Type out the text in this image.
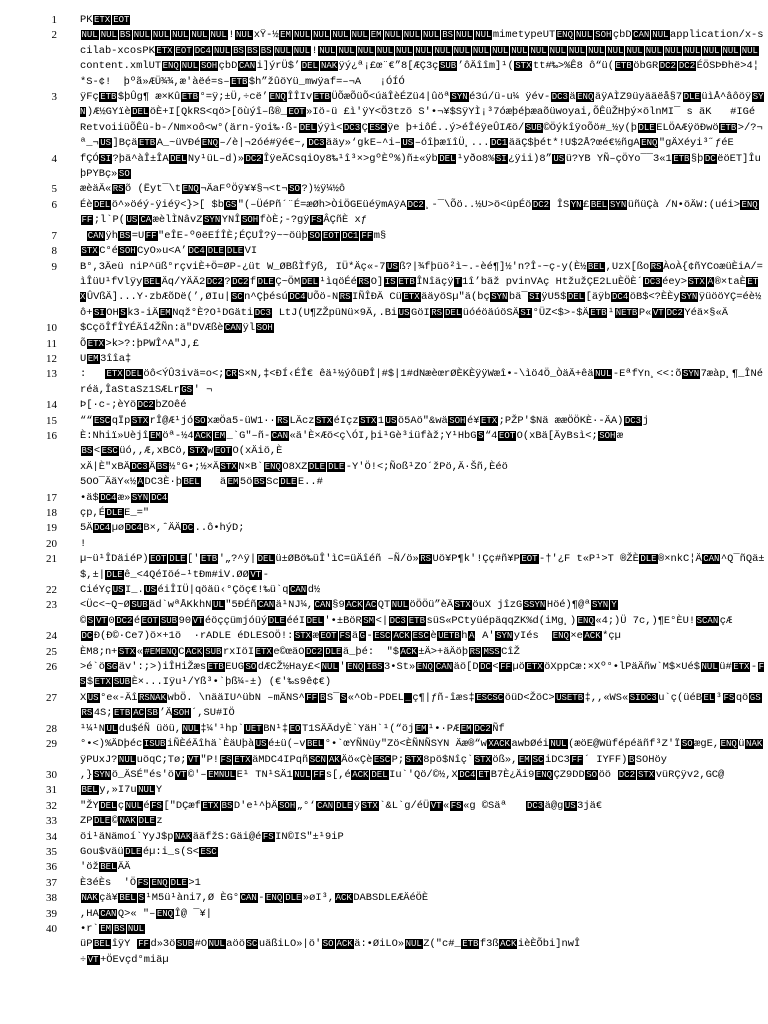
1	PK ETX EOT
2	NUL NUL BS NUL NUL NUL NUL NUL ! NUL xŸ-½ EM NUL NUL NUL NUL EM NUL NUL NUL BS NUL NUL mimetypeUT ENQ NUL SOH çbD CAN NUL application/x-scilab-xcosPK ETX EOT DC4 NUL BS BS BS NUL NUL ! NUL NUL NUL NUL NUL NUL NUL NUL NUL NUL NUL NUL NUL NUL NUL NUL NUL NUL NUL NUL NUL NUL NULcontent.xmlUT ENQ NUL SOH çbD CAN i]ýrÜ$’ DEL NAK ÿý¿ª¡£œ¨€”8[ÆÇ3ç SUB ’ôÄîîm]¹( STX tt#‰>%Ê8 ô“ü( ETB öbGR DC2 DC2 ÉÖSÞÐhë>4¦*S-¢!  þºã»ÆÜ¾¾,æ'àëé=s– ETB $h”žûöYü_mwÿaf=–¬A   ¡ÓÍÓ
3	ÿFç ETB $þÛg¶ æ×Kû ETB °=ÿ;±Ü,÷cë’ ENQ ÎÎIv ETB ÜÕæÕüÕ<úäÎèÉZü4|ûöª SYN é3ú/ü-u¼ ÿév- DC3 ä ENQ äÿAÌZ9üyääëå§7 DLE üìÅ^âôöÿ SYN )Æ½GYïè DEL öÈ+I[QkRS<qö>[öùýî–ß®_ EOT »Iö-ü £ì'ÿY<Ö3tzö S'•¬¥$SÿYÌ¡³7óæþéþæaõüwoyai,ÕÊüŽHþý×ölnMI¯ s äK   #IGé
RetvoiiüÕÊü-b-/Nm×oô<w°(ärn-ÿoi‰·ß- DEL ýÿì< DC3 Ç ESC ÿe þ+iôÉ..ý>éÎéÿeÛIÆö/ SUB ©ÖýkîÿoÕö#_½y(þ DLE ELÖAÆÿöÐwö ETB >/?¬ª_¬ US ]Bçä ETB A_~üVÐé ENQ –/è|¬2óé#ÿé€~, DC3 ääy»‘gkE–^i– US –óîþæïîÜ¸... DC1 ääÇ$þét*!U$2Å?œé€½ñgA ENQ "gÄXéyi³˝ƒéE
4	fÇÓ SI ?þä^àÎ±ÎA DEL Ny¹üL–d)» DC2 ÎÿeÄCsqiOy8‰¹î³×>gºÈº%)ñ±«ÿb DEL ¹yðo8% SI ¿ÿii)8” US ü?YB YÑ–çÖYo¯¯3«1 ETB §þ DC ëöET]ÎuþPYBç» SO
5	æèäÄ« RS õ (Ëyt¯\t ENQ ¬ÄaFºÖÿ¥¥§¬<t¬ SO ?)½ÿ¼½ô
6	Éè DEL ö^»öéý-ÿiéÿ<}>[ $b GS "(–ÜéPñ´¨É=æØh>ÒiÖGEüéÿmAÿA DC2 ¸-¯\Õö..½U>ö<üpÉö DC2 ÎS YN £ BEL SYN üñüÇà /N•öÄW:(uéi> ENQFF ;l`P( US CA æèlÌNâvZ SYN YNÎ SOH fòÈ;-?gÿ FS ÂÇñÈ xƒ
7	CAN ÿh BS =U FF "eÎE-º0ëEÍÎÈ;ÉÇUÎ?ÿ~~öüþ SO EOT DC1 FF m§
8	STX C°é SOH CyO»u<A’ DC4 DLE DLE VI
9	B°,3Äeü niP^üß°rçviÈ+Ö=ØP-¿üt W_ØBßÌfÿß, IÜ*Äç«-7 US ß?|¾fþüö²ì~.-èé¶]½'n?Î-~ç-y(È½ BEL ,UzX[ßo RS ÀoÀ{¢ñYCoæüÈiA/=ìÎüU¹fVlÿy BEL Äq/YÄÄ2 DC2 ? DC2 f DLE Ç~ÖM DEL ¹ìqöÉé RS O] IS ETB ÎNîäçÿ T 1î’bäž pvinVAç HtžužÇE2LuÈÖÈ´ DC3 éey> STX Ä ®×taÈ ETX ÛVßÄ]...Y·zbÆõDë(’,ØIu| SC n^Çþésú DC4 UÕö-N RS IÑÎÐÄ Cü ETX ääyöSµ"ä(bç SYN bä¯ SI ÿU5$ DEL [äÿb DC4 öB$<?ÈÈy SYN ÿüööYÇ=éè½ô+ SI OH S k3-iÄ EM Nqž°È?O¹DGäti DC3 LtJ(U¶ZŽpüNü×9Ä,.Bi US GöI RS DEL üóéöäúöSÄ SI °ÜZ<$>-$Ä ETB ¹ ÑETB P« VT DC2 Yéä×§«Ä
10	$CçöÎfÎYÉÄî4ŽÑn:ä"DVÆßè CAN ÿl SOH
11	Õ ETX >k>?:þPWÎ^A"J,£
12	U EM 3îîa‡
13	:   ETX DEL öô<ÝÛ3ivä=o<; CR S×N,‡<ÐÍ‹ÉÎ€ êä¹½ýôüÐÎ|#$|1#dNæèœrØÈKÈÿÿWæî•-\ìö4Ö_ÒäÄ+êä NUL -EªfYn¸<<:õ SYN 7æàp¸¶_ÎNéréä,ÎaStaSz1SÆLr GS ' ¬
14	Þ[·c-;èYö DC2 bZOêé
15	““ ESC qÏp STX rÎ@Æ¹jó SO xæÖa5-üW1·· RS LÄcz STX éIçz STX 1 US ö5Aö"&wä SOH é¥ ETX ;PŽP'$Nä ææÖÖKÈ·-ÄA) DC3 j
16	È:Nhiï»Uèjî EM öª-½4 ACK EM _`G"–ñ- CAN «ä'È×Æö<ç\ÓI,þi¹Gè³iüfàž;Y¹HbG S “4 EOT O(xBä[ÄyBsì<; SOH æ
BS < ESC üó,,Æ,xBCö, STX w EOT O(xÄiö,È
xÄ|È"xBÄ DC3 Ä BS ½°G•;½×Ä STX N×B` ENQ O8XZ DLE DLE -Y'Ö!<;Ñoß¹ZO´žPö,Ä·Šñ,Èéö
5OO¯ÄäY«½ Ä DC3È·þ BEL   ä EM 5ö BS Sc DLE E..#
17	•ä$ DC4 æ» SYN DC4
18	çp,É DLE E_="
19	5Ä DC4 µø DC4 B×,ˆÄÄ DC ..ô•hýD;
20	!
21	µ~ü¹ÎDäiéP) EOT DLE [' ETB '„?^ÿ| DEL ü±ØBö‰üÎ'ìC=üÄîéñ –Ñ/ö» RS Uö¥P¶k'!Çç#ñ¥P EOT -†'¿F t«P¹>T ®ŽÈ DLE ®×nkC¦Ä CAN ^Q¯ñQä±$,±| DLE ê_<4QéIöé–¹tÐm#iV.ØØ VT -
22	CiéYç US I_. US éiÎIÜ|qöäü‹°Çöç€!‰ü`q CAN d½
23	<Üc<~Q~Ø SUB äd`wªÅKkhN UL "5ÐÉñ CAN ä¹NJ¼, CAN §9 ACK AC QT NUL öÖÖü”èÄ STX öuX jîzG SSYN Höé)¶@ª SYN Y
© S VT 0 DC2 é EOT SUB 90 VT éöççümjóüý DLE ééI DEL '•±BöR SM <| DC3 ETB süS«PCtyüépäqqZK%d(iMg¸) ENQ «4;)Ü 7c,)¶E°ÈU! SCAN çÆ
24	DC Ð(Ð©·Ce7)ö×+1ö  ·rADLE éDLESOÖ!: STX æ EOT FS ä G - ESC ACK ESC è UETB h A A' SYN yIés  ENQ ×e ACK *çµ
25	ÈM8;n+ STX « #EMENQ C ACK SUB rxIöI ETX e©œäO DC2 DLE ä_þé:  "$ ACK ±Ä>+äÄöþ RS MSS CîŽ
26	>é`ö SG äv':;>)iÎHiŽæs ETB EUG SO dÆCŽ½Hay£< NUL ' ENQ IBS 3•St» ENQ CAN äö[D DC < FF µö ETX öXppCæ:×Xº°•lPäÄñw`M$×Ué$ NUL ü# ETX - FS $ ETX SUB È×...Iÿu¹/Yß³•`þß¼-±) (€'‰s9ê¢€)
27	X US °e«-Äî RSNAK wbÖ. \nääIU^übN –mÄNS^ FF B S¯ S «^Ob-PDEL _ ç¶|ƒñ-îæs‡ ESCSC öüD<ŽöC> USETB ‡,,«WS« SIDC3 u`ç(üéB EL ³ FS qö GSRS 4S; ETB AC SB ’Ä SOH ´,SU#IÖ
28	¹¼¹N UL du$éÑ üöü, NUL ‡¼'¹hp` UET BN¹‡ EO T1SÄÄdyÈ`YäH`¹(“öj EM ¹•·PÆ EM DC2 Ñf
29	°•<)%ÄDþéc ISUB iÑÈéÄîhä`ÈäUþà US é±ü(–v BEL °•`œYÑNüy"Zö<ÈÑNÑSYN Äæ®“w XACK awbØéi NUL (æöE@Wüfépéäñf³Z'Ï SO ægE, ENQ ü NAKÿPUxJ? NUL uöqC;Tø; VT "P! FS ETX äMDC4IPqñ SCN AK Äö«Çè ESC P; STX 8pö$Nîç` STX öß», EM SC iDC3 FF ´ IYFF) B SOHöy
30	,} SYN ö_ÄSÉ"és'ö VT ©'– EMNUL E¹ TN¹SÄ1 NUL FF s[,é ACK DEL Iu`'Qö/©½,X DC4 ET B7È¿Äi9 ENQ ÇZ9DD SO öö DC2 STX vüRÇÿv2,GC@
31	BEL y,»I7u NUL Y
32	"ŽY DEL ç NUL é FS ["DÇæf ETX BS D'e¹^þÄ SOH „°‘ CAN DLE ÿ STX `&L`g/éÜ VT « FS «g ©Säª   DC3 ä@g US 3jä€
33	ZP DLE © NAK DLE z
34	öi¹äNämoí`YyJ$p NAK ääfžS:Gäi@é FS IN©IS"±¹9iP
35	Gou$väü DLE éµ:i_s(S< ESC
36	'öž BEL ÄÄ
37	È3éÈs  'Ö FS ENQ DLE >1
38	NAK çä¥ BEL S ¹M5ü¹àni7,Ø ÈG° CAN - ENQ DLE »øI³, ACK DABSDLEÆÄéÖÈ
39	,HA CAN Q>« "– ENQ Î@ ¯¥|
40	•r` EM BS NUL
üP BEL îÿY FF d»3ö SUB #O NUL aöö SC uäßiLO»|ö' SO ACK ä:•ØiLO» NUL Z("c#_ ETB f3ß ACK ièÈÕbi]nwÎ
÷ VT +ÖEvçd°miäµ
